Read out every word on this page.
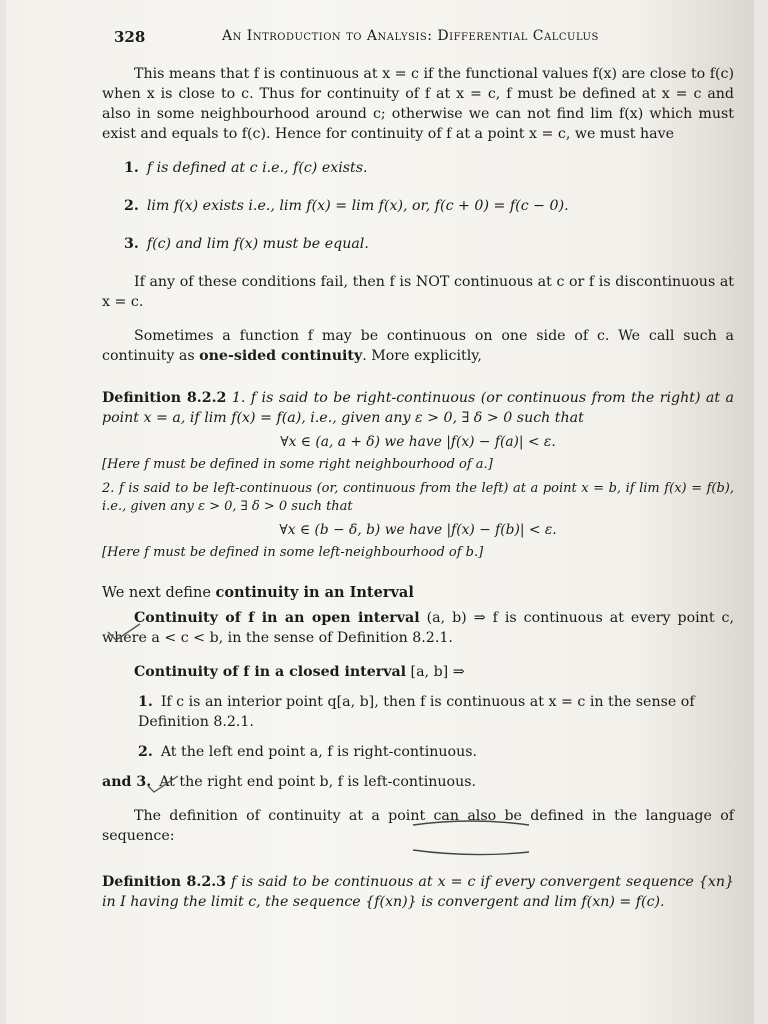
328	An Introduction to Analysis: Differential Calculus

This means that f is continuous at x = c if the functional values f(x) are close to f(c) when x is close to c. Thus for continuity of f at x = c, f must be defined at x = c and also in some neighbourhood around c; otherwise we can not find lim f(x) which must exist and equals to f(c). Hence for continuity of f at a point x = c, we must have

1. f is defined at c i.e., f(c) exists.
2. lim f(x) exists i.e., lim f(x) = lim f(x), or, f(c + 0) = f(c − 0).
3. f(c) and lim f(x) must be equal.

If any of these conditions fail, then f is NOT continuous at c or f is discontinuous at x = c.

Sometimes a function f may be continuous on one side of c. We call such a continuity as one-sided continuity. More explicitly,

Definition 8.2.2 1. f is said to be right-continuous (or continuous from the right) at a point x = a, if lim f(x) = f(a), i.e., given any ε > 0, ∃ δ > 0 such that

∀x ∈ (a, a + δ) we have |f(x) − f(a)| < ε.

[Here f must be defined in some right neighbourhood of a.]

2. f is said to be left-continuous (or, continuous from the left) at a point x = b, if lim f(x) = f(b), i.e., given any ε > 0, ∃ δ > 0 such that

∀x ∈ (b − δ, b) we have |f(x) − f(b)| < ε.

[Here f must be defined in some left-neighbourhood of b.]

We next define continuity in an Interval

Continuity of f in an open interval (a, b) ⇒ f is continuous at every point c, where a < c < b, in the sense of Definition 8.2.1.

Continuity of f in a closed interval [a, b] ⇒

1. If c is an interior point q[a, b], then f is continuous at x = c in the sense of Definition 8.2.1.
2. At the left end point a, f is right-continuous.
and 3. At the right end point b, f is left-continuous.

The definition of continuity at a point can also be defined in the language of sequence:

Definition 8.2.3 f is said to be continuous at x = c if every convergent sequence {xn} in I having the limit c, the sequence {f(xn)} is convergent and lim f(xn) = f(c).
